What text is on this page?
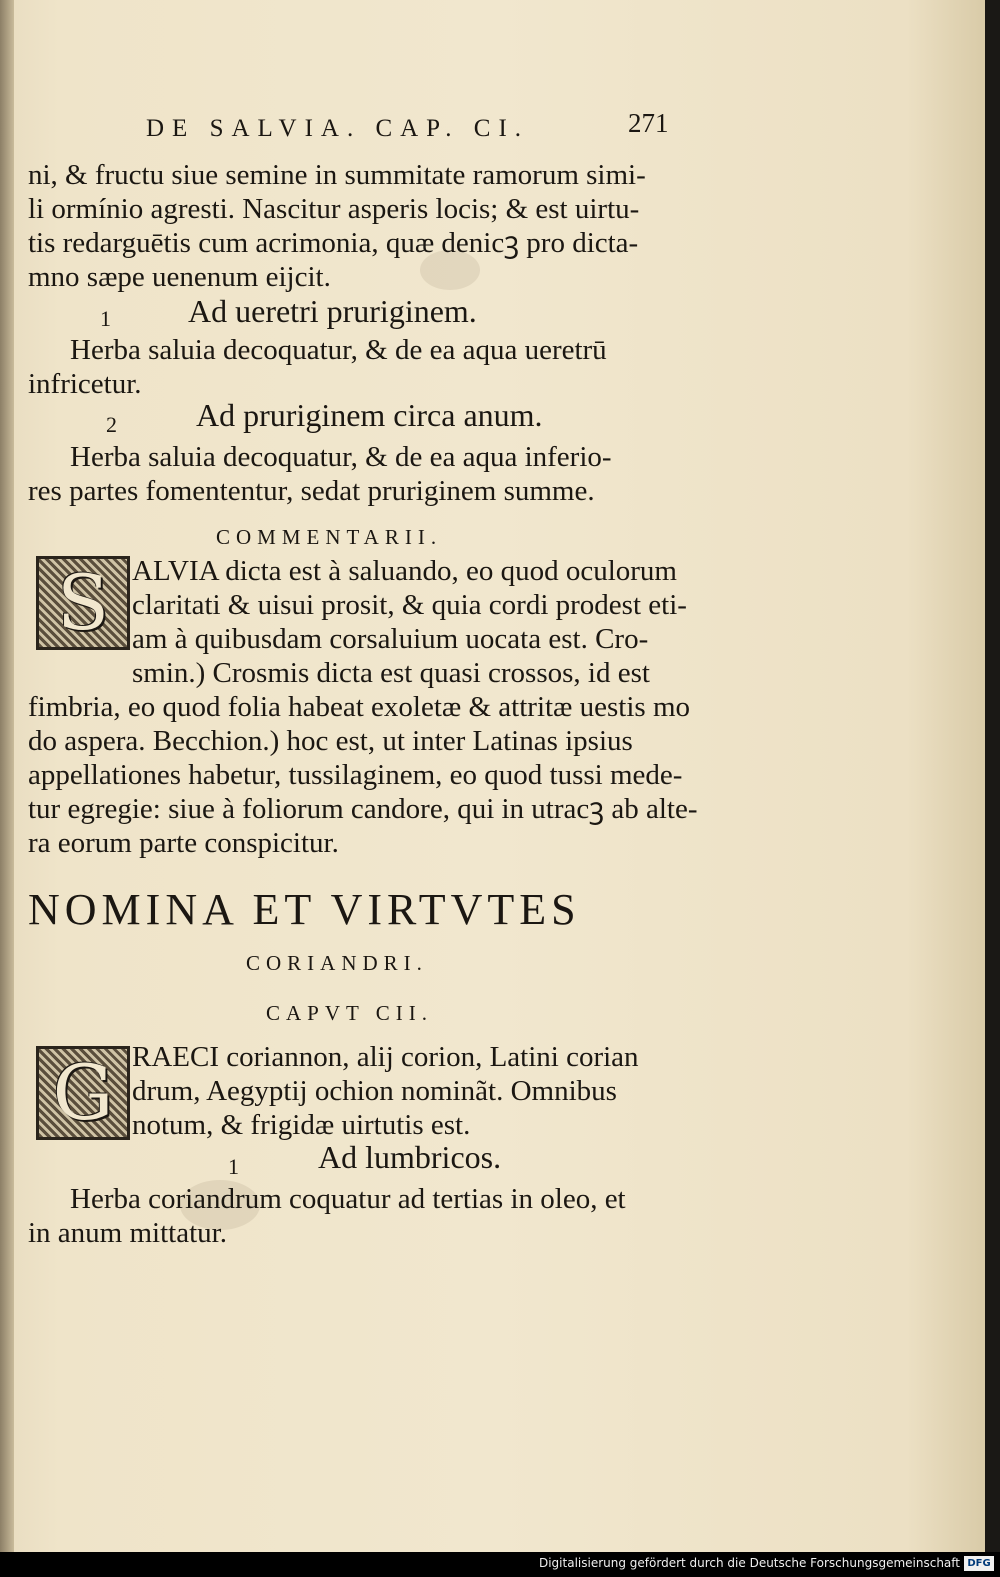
DE SALVIA. CAP. CI.	271
ni, & fructu siue semine in summitate ramorum simi-
li ormínio agresti. Nascitur asperis locis; & est uirtu-
tis redarguētis cum acrimonia, quæ denicꝫ pro dicta-
mno sæpe uenenum eijcit.
1 Ad ueretri pruriginem.
Herba saluia decoquatur, & de ea aqua ueretrū
infricetur.
2 Ad pruriginem circa anum.
Herba saluia decoquatur, & de ea aqua inferio-
res partes fomententur, sedat pruriginem summe.
COMMENTARII.
S ALVIA dicta est à saluando, eo quod oculorum
claritati & uisui prosit, & quia cordi prodest eti-
am à quibusdam corsaluium uocata est. Cro-
smin.) Crosmis dicta est quasi crossos, id est
fimbria, eo quod folia habeat exoletæ & attritæ uestis mo
do aspera. Becchion.) hoc est, ut inter Latinas ipsius
appellationes habetur, tussilaginem, eo quod tussi mede-
tur egregie: siue à foliorum candore, qui in utracꝫ ab alte-
ra eorum parte conspicitur.
NOMINA ET VIRTVTES
CORIANDRI.
CAPVT CII.
G RAECI coriannon, alij corion, Latini corian
drum, Aegyptij ochion nominãt. Omnibus
notum, & frigidæ uirtutis est.
1 Ad lumbricos.
Herba coriandrum coquatur ad tertias in oleo, et
in anum mittatur.
Digitalisierung gefördert durch die Deutsche Forschungsgemeinschaft DFG
